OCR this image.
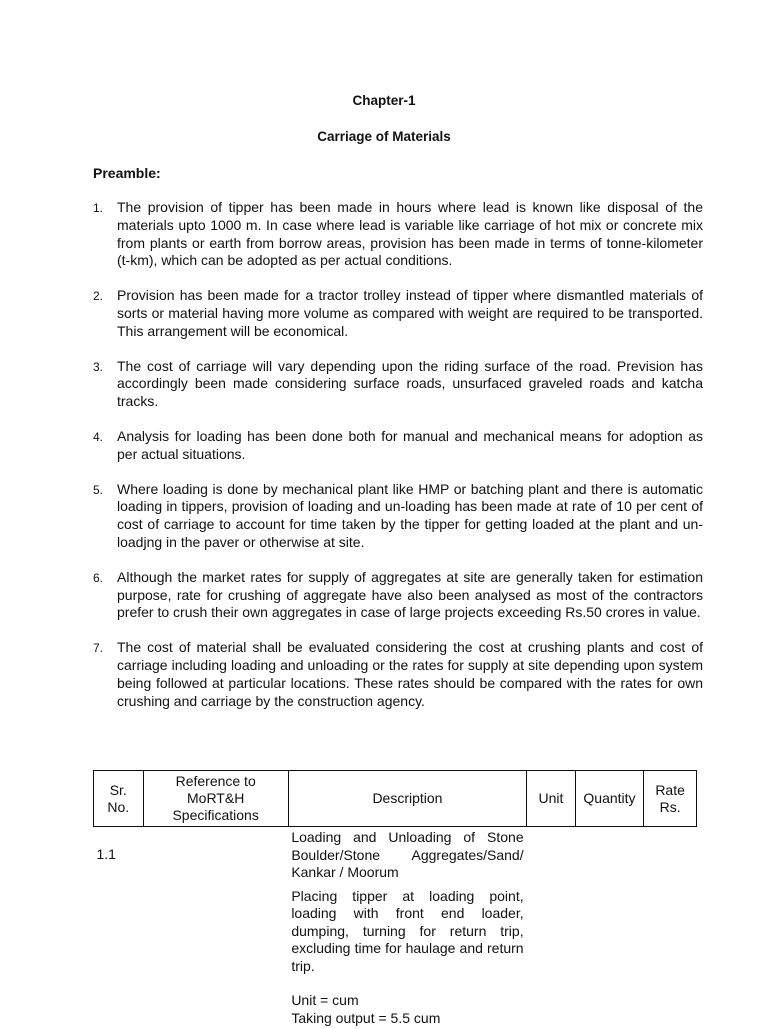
Chapter-1
Carriage of Materials
Preamble:
1. The provision of tipper has been made in hours where lead is known like disposal of the materials upto 1000 m. In case where lead is variable like carriage of hot mix or concrete mix from plants or earth from borrow areas, provision has been made in terms of tonne-kilometer (t-km), which can be adopted as per actual conditions.
2. Provision has been made for a tractor trolley instead of tipper where dismantled materials of sorts or material having more volume as compared with weight are required to be transported. This arrangement will be economical.
3. The cost of carriage will vary depending upon the riding surface of the road. Prevision has accordingly been made considering surface roads, unsurfaced graveled roads and katcha tracks.
4. Analysis for loading has been done both for manual and mechanical means for adoption as per actual situations.
5. Where loading is done by mechanical plant like HMP or batching plant and there is automatic loading in tippers, provision of loading and un-loading has been made at rate of 10 per cent of cost of carriage to account for time taken by the tipper for getting loaded at the plant and un-loadjng in the paver or otherwise at site.
6. Although the market rates for supply of aggregates at site are generally taken for estimation purpose, rate for crushing of aggregate have also been analysed as most of the contractors prefer to crush their own aggregates in case of large projects exceeding Rs.50 crores in value.
7. The cost of material shall be evaluated considering the cost at crushing plants and cost of carriage including loading and unloading or the rates for supply at site depending upon system being followed at particular locations. These rates should be compared with the rates for own crushing and carriage by the construction agency.
Sr. No.	Reference to MoRT&H Specifications	Description	Unit	Quantity	Rate Rs.
1.1		Loading and Unloading of Stone Boulder/Stone Aggregates/Sand/ Kankar / Moorum
Placing tipper at loading point, loading with front end loader, dumping, turning for return trip, excluding time for haulage and return trip.
Unit = cum
Taking output = 5.5 cum			
